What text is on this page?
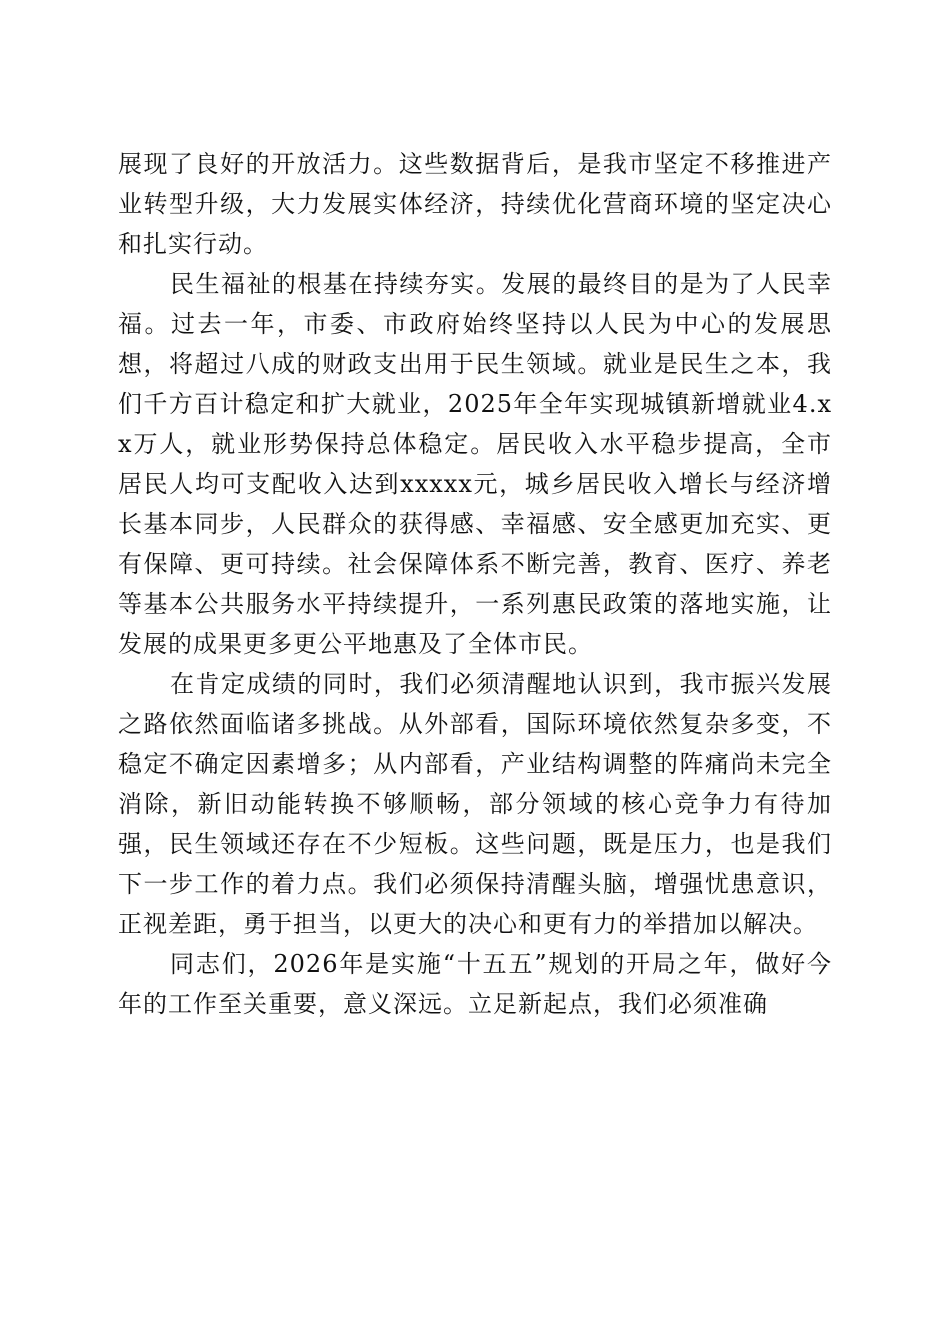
展现了良好的开放活力。这些数据背后，是我市坚定不移推进产业转型升级，大力发展实体经济，持续优化营商环境的坚定决心和扎实行动。

民生福祉的根基在持续夯实。发展的最终目的是为了人民幸福。过去一年，市委、市政府始终坚持以人民为中心的发展思想，将超过八成的财政支出用于民生领域。就业是民生之本，我们千方百计稳定和扩大就业，2025年全年实现城镇新增就业4.xx万人，就业形势保持总体稳定。居民收入水平稳步提高，全市居民人均可支配收入达到xxxxx元，城乡居民收入增长与经济增长基本同步，人民群众的获得感、幸福感、安全感更加充实、更有保障、更可持续。社会保障体系不断完善，教育、医疗、养老等基本公共服务水平持续提升，一系列惠民政策的落地实施，让发展的成果更多更公平地惠及了全体市民。

在肯定成绩的同时，我们必须清醒地认识到，我市振兴发展之路依然面临诸多挑战。从外部看，国际环境依然复杂多变，不稳定不确定因素增多；从内部看，产业结构调整的阵痛尚未完全消除，新旧动能转换不够顺畅，部分领域的核心竞争力有待加强，民生领域还存在不少短板。这些问题，既是压力，也是我们下一步工作的着力点。我们必须保持清醒头脑，增强忧患意识，正视差距，勇于担当，以更大的决心和更有力的举措加以解决。

同志们，2026年是实施“十五五”规划的开局之年，做好今年的工作至关重要，意义深远。立足新起点，我们必须准确
